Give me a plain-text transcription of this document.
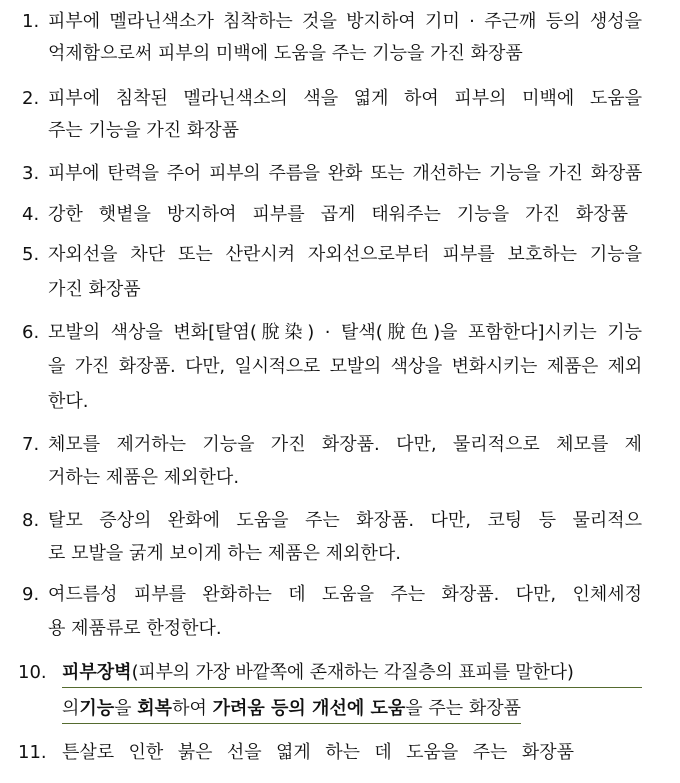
1. 피부에 멜라닌색소가 침착하는 것을 방지하여 기미 · 주근깨 등의 생성을
억제함으로써 피부의 미백에 도움을 주는 기능을 가진 화장품
2. 피부에 침착된 멜라닌색소의 색을 엷게 하여 피부의 미백에 도움을
주는 기능을 가진 화장품
3. 피부에 탄력을 주어 피부의 주름을 완화 또는 개선하는 기능을 가진 화장품
4. 강한 햇볕을 방지하여 피부를 곱게 태워주는 기능을 가진 화장품
5. 자외선을 차단 또는 산란시켜 자외선으로부터 피부를 보호하는 기능을
가진 화장품
6. 모발의 색상을 변화[탈염(脫染) · 탈색(脫色)을 포함한다]시키는 기능
을 가진 화장품. 다만, 일시적으로 모발의 색상을 변화시키는 제품은 제외
한다.
7. 체모를 제거하는 기능을 가진 화장품. 다만, 물리적으로 체모를 제
거하는 제품은 제외한다.
8. 탈모 증상의 완화에 도움을 주는 화장품. 다만, 코팅 등 물리적으
로 모발을 굵게 보이게 하는 제품은 제외한다.
9. 여드름성 피부를 완화하는 데 도움을 주는 화장품. 다만, 인체세정
용 제품류로 한정한다.
10. 피부장벽(피부의 가장 바깥쪽에 존재하는 각질층의 표피를 말한다)
의기능을 회복하여 가려움 등의 개선에 도움을 주는 화장품
11. 튼살로 인한 붉은 선을 엷게 하는 데 도움을 주는 화장품
